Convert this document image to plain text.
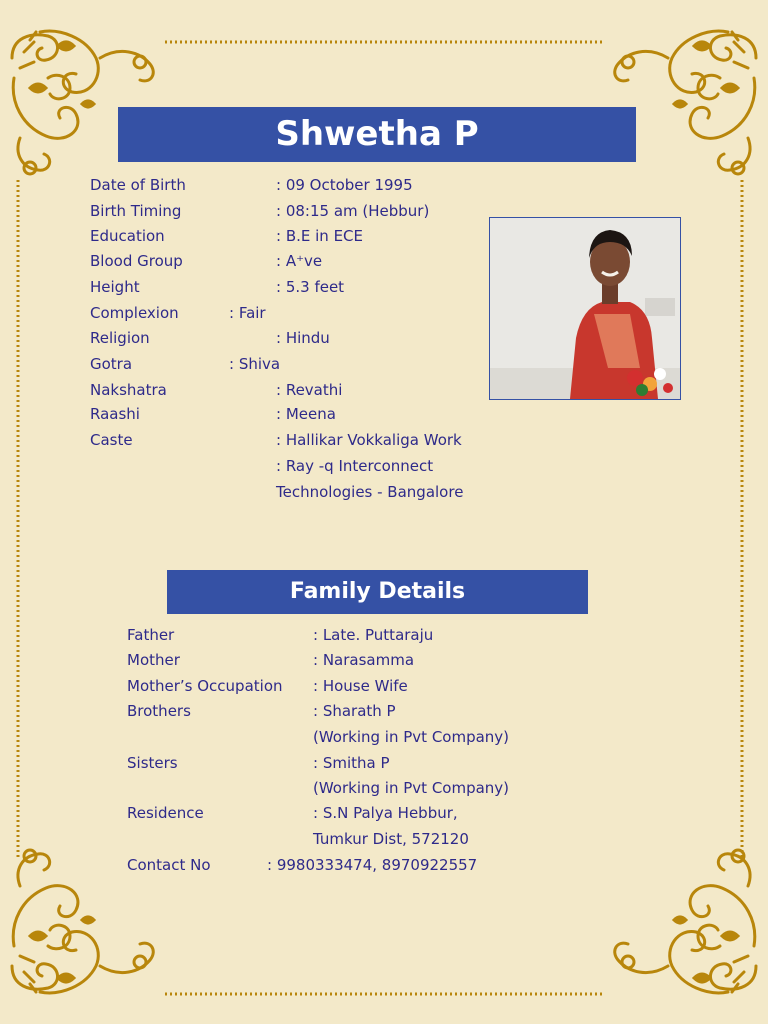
Shwetha P
Date of Birth	: 09 October 1995
Birth Timing	: 08:15 am (Hebbur)
Education	: B.E in ECE
Blood Group	: A⁺ve
Height	: 5.3 feet
Complexion	: Fair
Religion	: Hindu
Gotra	: Shiva
Nakshatra	: Revathi
Raashi	: Meena
Caste	: Hallikar Vokkaliga Work
: Ray -q Interconnect
Technologies - Bangalore
Family Details
Father	: Late. Puttaraju
Mother	: Narasamma
Mother’s Occupation : House Wife
Brothers	: Sharath P
(Working in Pvt Company)
Sisters	: Smitha P
(Working in Pvt Company)
Residence	: S.N Palya Hebbur,
Tumkur Dist, 572120
Contact No	: 9980333474, 8970922557
